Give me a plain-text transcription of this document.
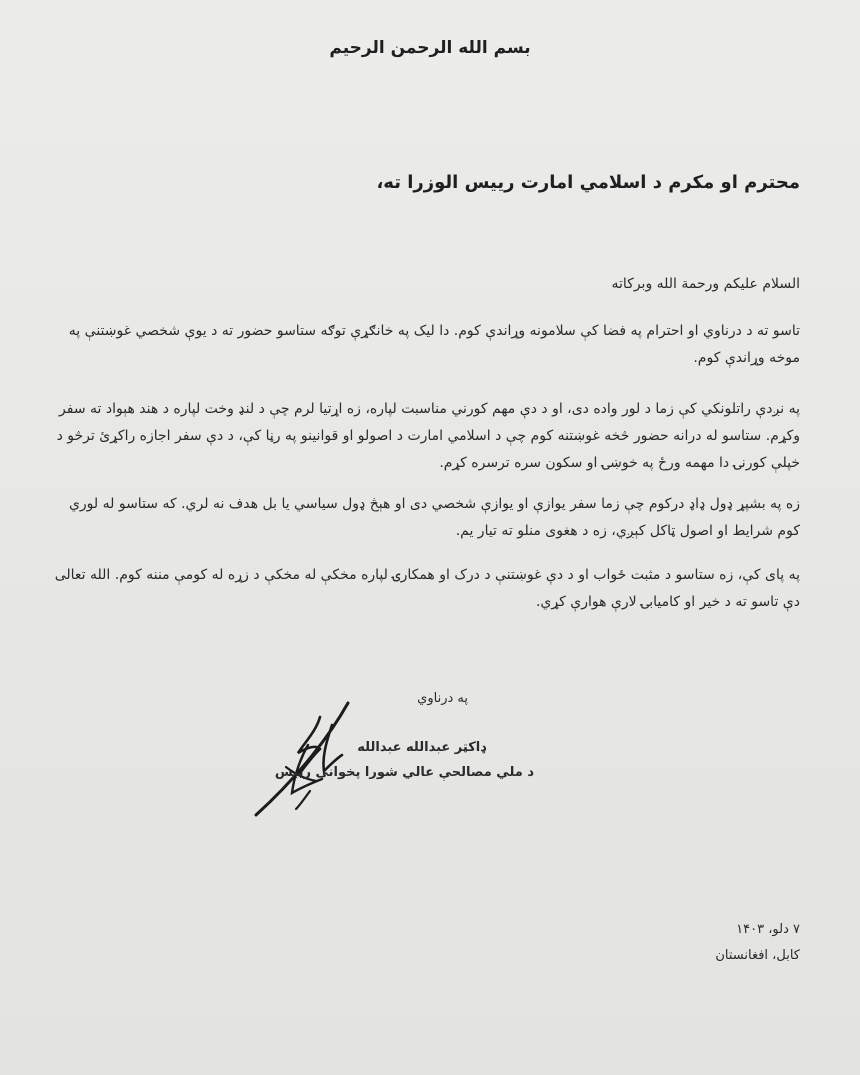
بسم الله الرحمن الرحيم
محترم او مکرم د اسلامي امارت رييس الوزرا ته،
السلام عليكم ورحمة الله وبركاته
تاسو ته د درناوي او احترام په فضا کې سلامونه وړاندې کوم. دا لیک په خانګړې توګه ستاسو حضور ته د یوې شخصي غوښتنې په موخه وړاندې کوم.
په نږدې راتلونکي کې زما د لور واده دی، او د دې مهم کورني مناسبت لپاره، زه اړتیا لرم چې د لنډ وخت لپاره د هند هېواد ته سفر وکړم. ستاسو له درانه حضور څخه غوښتنه کوم چې د اسلامي امارت د اصولو او قوانینو په رڼا کې، د دې سفر اجازه راکړئ ترڅو د خپلې کورنۍ دا مهمه ورځ په خوښۍ او سکون سره ترسره کړم.
زه په بشپړ ډول ډاډ درکوم چې زما سفر يوازې او يوازې شخصي دی او هېڅ ډول سیاسي یا بل هدف نه لري. که ستاسو له لوري کوم شرایط او اصول ټاکل کېږي، زه د هغوی منلو ته تیار یم.
په پای کې، زه ستاسو د مثبت ځواب او د دې غوښتنې د درک او همکارۍ لپاره مخکې له مخکې د زړه له کومې مننه کوم. الله تعالی دې تاسو ته د خیر او کامیابۍ لارې هوارې کړي.
په درناوي
ډاکټر عبدالله عبدالله
د ملي مصالحې عالي شورا پخوانی رییس
۷ دلو، ۱۴۰۳
کابل، افغانستان
